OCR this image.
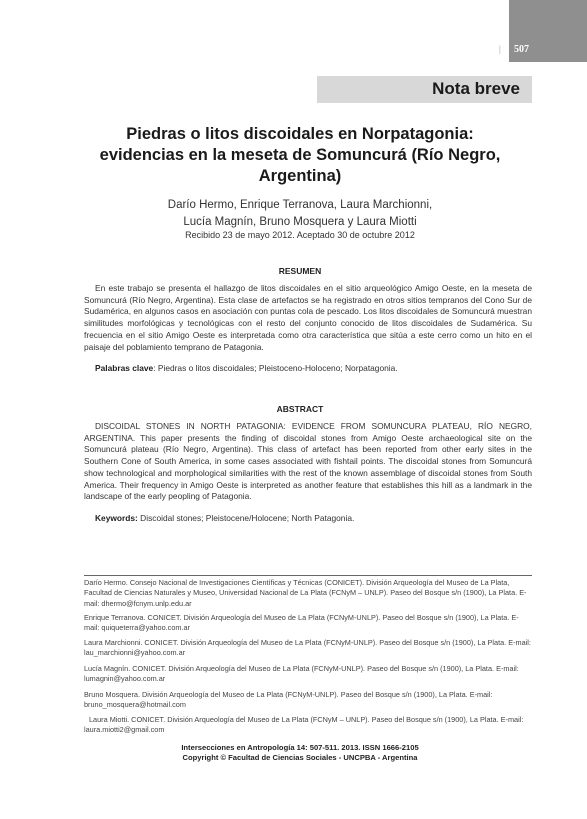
| 507
Nota breve
Piedras o litos discoidales en Norpatagonia:
evidencias en la meseta de Somuncurá (Río Negro,
Argentina)
Darío Hermo, Enrique Terranova, Laura Marchionni,
Lucía Magnín, Bruno Mosquera y Laura Miotti
Recibido 23 de mayo 2012. Aceptado 30 de octubre 2012
RESUMEN
En este trabajo se presenta el hallazgo de litos discoidales en el sitio arqueológico Amigo Oeste, en la meseta de Somuncurá (Río Negro, Argentina). Esta clase de artefactos se ha registrado en otros sitios tempranos del Cono Sur de Sudamérica, en algunos casos en asociación con puntas cola de pescado. Los litos discoidales de Somuncurá muestran similitudes morfológicas y tecnológicas con el resto del conjunto conocido de litos discoidales de Sudamérica. Su frecuencia en el sitio Amigo Oeste es interpretada como otra característica que sitúa a este cerro como un hito en el paisaje del poblamiento temprano de Patagonia.
Palabras clave: Piedras o litos discoidales; Pleistoceno-Holoceno; Norpatagonia.
ABSTRACT
DISCOIDAL STONES IN NORTH PATAGONIA: EVIDENCE FROM SOMUNCURA PLATEAU, RÍO NEGRO, ARGENTINA. This paper presents the finding of discoidal stones from Amigo Oeste archaeological site on the Somuncurá plateau (Río Negro, Argentina). This class of artefact has been reported from other early sites in the Southern Cone of South America, in some cases associated with fishtail points. The discoidal stones from Somuncurá show technological and morphological similarities with the rest of the known assemblage of discoidal stones from South America. Their frequency in Amigo Oeste is interpreted as another feature that establishes this hill as a landmark in the landscape of the early peopling of Patagonia.
Keywords: Discoidal stones; Pleistocene/Holocene; North Patagonia.
Darío Hermo. Consejo Nacional de Investigaciones Científicas y Técnicas (CONICET). División Arqueología del Museo de La Plata, Facultad de Ciencias Naturales y Museo, Universidad Nacional de La Plata (FCNyM – UNLP). Paseo del Bosque s/n (1900), La Plata. E-mail: dhermo@fcnym.unlp.edu.ar
Enrique Terranova. CONICET. División Arqueología del Museo de La Plata (FCNyM-UNLP). Paseo del Bosque s/n (1900), La Plata. E-mail: quiqueterra@yahoo.com.ar
Laura Marchionni. CONICET. División Arqueología del Museo de La Plata (FCNyM-UNLP). Paseo del Bosque s/n (1900), La Plata. E-mail: lau_marchionni@yahoo.com.ar
Lucía Magnín. CONICET. División Arqueología del Museo de La Plata (FCNyM-UNLP). Paseo del Bosque s/n (1900), La Plata. E-mail: lumagnin@yahoo.com.ar
Bruno Mosquera. División Arqueología del Museo de La Plata (FCNyM-UNLP). Paseo del Bosque s/n (1900), La Plata. E-mail: bruno_mosquera@hotmail.com
Laura Miotti. CONICET. División Arqueología del Museo de La Plata (FCNyM – UNLP). Paseo del Bosque s/n (1900), La Plata. E-mail: laura.miotti2@gmail.com
Intersecciones en Antropología 14: 507-511. 2013. ISSN 1666-2105
Copyright © Facultad de Ciencias Sociales - UNCPBA - Argentina
